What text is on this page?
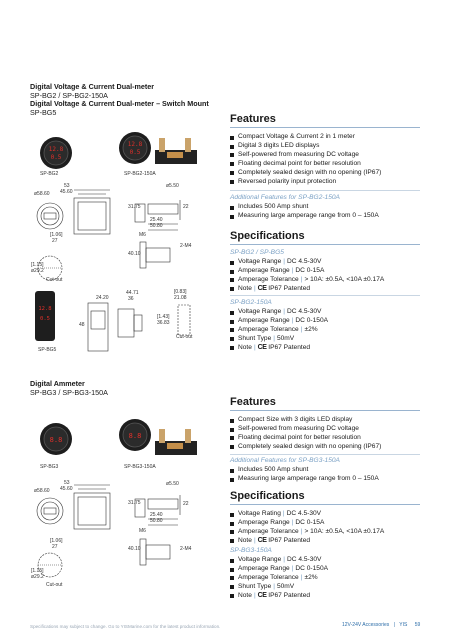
Digital Voltage & Current Dual-meter
SP-BG2 / SP-BG2-150A
Digital Voltage & Current Dual-meter – Switch Mount
SP-BG5
12.8
0.5
SP-BG2
12.8
0.5
SP-BG2-150A
53
45.60
ø58.60
ø5.50
31.75	22
25.40
50.80
M6
2-M4
40.10
[1.06]
27
[1.15]
ø29.2
Cut-out
12.8
0.5
SP-BG5
24.20
44.71
36
[0.83]
21.08
[1.43]
36.83
48
Cut-out
Features
Compact Voltage & Current 2 in 1 meter
Digital 3 digits LED displays
Self-powered from measuring DC voltage
Floating decimal point for better resolution
Completely sealed design with no opening (IP67)
Reversed polarity input protection
Additional Features for SP-BG2-150A
Includes 500 Amp shunt
Measuring large amperage range from 0 – 150A
Specifications
SP-BG2 / SP-BG5
Voltage Range | DC 4.5-30V
Amperage Range | DC 0-15A
Amperage Tolerance | > 10A: ±0.5A, <10A ±0.17A
Note | CE IP67 Patented
SP-BG2-150A
Voltage Range | DC 4.5-30V
Amperage Range | DC 0-150A
Amperage Tolerance | ±2%
Shunt Type | 50mV
Note | CE IP67 Patented
Digital Ammeter
SP-BG3 / SP-BG3-150A
8.8
SP-BG3
8.8
SP-BG3-150A
53
45.60
ø58.60
ø5.50
31.75	22
25.40
50.80
M6
2-M4
40.10
[1.06]
27
[1.15]
ø29.2
Cut-out
Features
Compact Size with 3 digits LED display
Self-powered from measuring DC voltage
Floating decimal point for better resolution
Completely sealed design with no opening (IP67)
Additional Features for SP-BG3-150A
Includes 500 Amp shunt
Measuring large amperage range from 0 – 150A
Specifications
Voltage Rating | DC 4.5-30V
Amperage Range | DC 0-15A
Amperage Tolerance | > 10A: ±0.5A, <10A ±0.17A
Note | CE IP67 Patented
SP-BG3-150A
Voltage Range | DC 4.5-30V
Amperage Range | DC 0-150A
Amperage Tolerance | ±2%
Shunt Type | 50mV
Note | CE IP67 Patented
Specifications may subject to change. Go to YISMarine.com for the latest product information.	12V-24V Accessories | YIS 59
